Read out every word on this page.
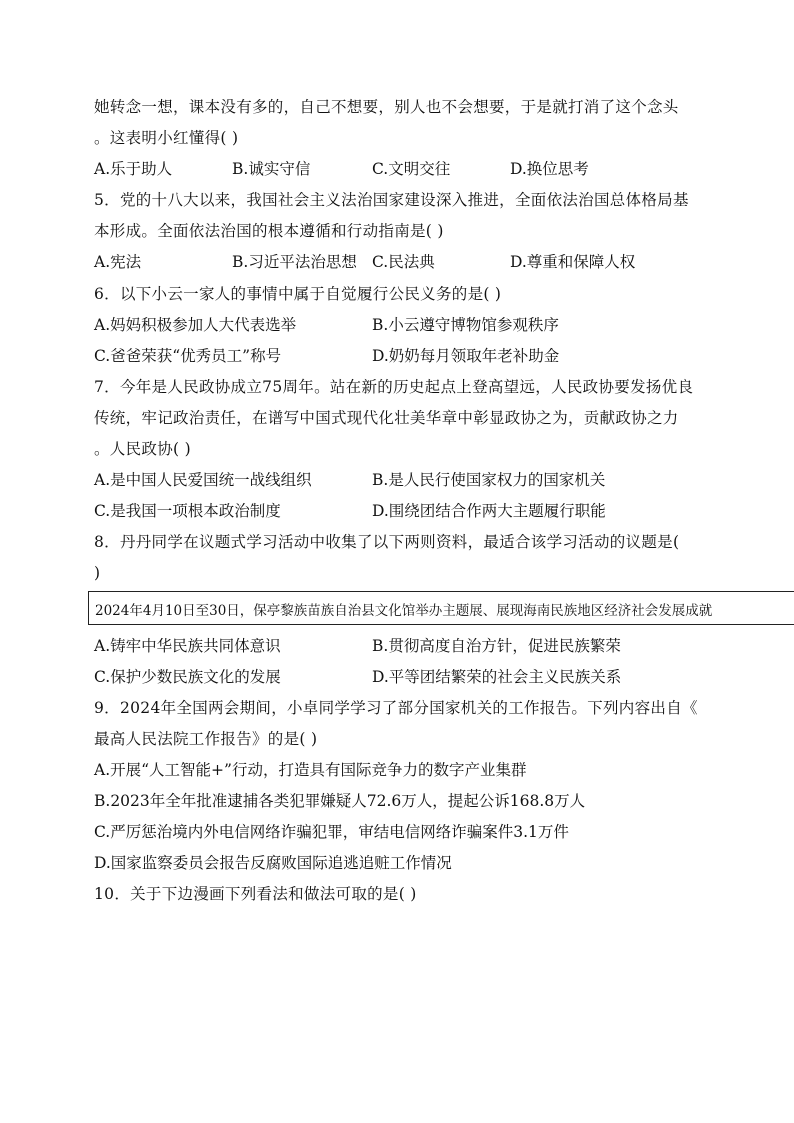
她转念一想，课本没有多的，自己不想要，别人也不会想要，于是就打消了这个念头
。这表明小红懂得( )
A.乐于助人	B.诚实守信	C.文明交往	D.换位思考
5．党的十八大以来，我国社会主义法治国家建设深入推进，全面依法治国总体格局基
本形成。全面依法治国的根本遵循和行动指南是( )
A.宪法	B.习近平法治思想 C.民法典	D.尊重和保障人权
6．以下小云一家人的事情中属于自觉履行公民义务的是( )
A.妈妈积极参加人大代表选举	B.小云遵守博物馆参观秩序
C.爸爸荣获“优秀员工”称号	D.奶奶每月领取年老补助金
7．今年是人民政协成立75周年。站在新的历史起点上登高望远，人民政协要发扬优良
传统，牢记政治责任，在谱写中国式现代化壮美华章中彰显政协之为，贡献政协之力
。人民政协( )
A.是中国人民爱国统一战线组织	B.是人民行使国家权力的国家机关
C.是我国一项根本政治制度	D.围绕团结合作两大主题履行职能
8．丹丹同学在议题式学习活动中收集了以下两则资料，最适合该学习活动的议题是(
)
2024年4月10日至30日，保亭黎族苗族自治县文化馆举办主题展、展现海南民族地区经济社会发展成就
A.铸牢中华民族共同体意识	B.贯彻高度自治方针，促进民族繁荣
C.保护少数民族文化的发展	D.平等团结繁荣的社会主义民族关系
9．2024年全国两会期间，小卓同学学习了部分国家机关的工作报告。下列内容出自《
最高人民法院工作报告》的是( )
A.开展“人工智能+”行动，打造具有国际竞争力的数字产业集群
B.2023年全年批准逮捕各类犯罪嫌疑人72.6万人，提起公诉168.8万人
C.严厉惩治境内外电信网络诈骗犯罪，审结电信网络诈骗案件3.1万件
D.国家监察委员会报告反腐败国际追逃追赃工作情况
10．关于下边漫画下列看法和做法可取的是( )
